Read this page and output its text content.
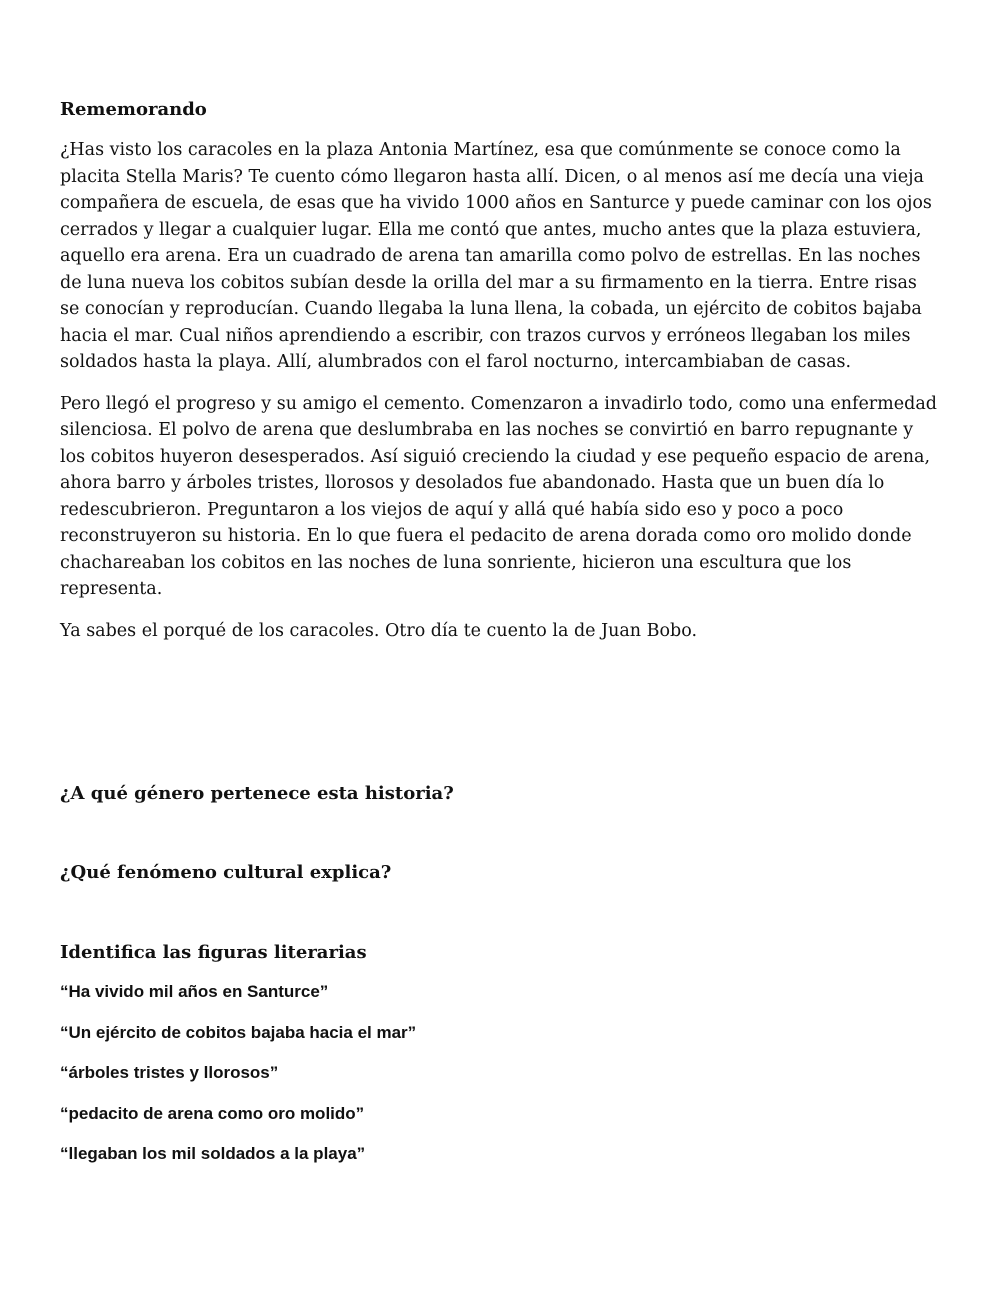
Rememorando

¿Has visto los caracoles en la plaza Antonia Martínez, esa que comúnmente se conoce como la placita Stella Maris? Te cuento cómo llegaron hasta allí. Dicen, o al menos así me decía una vieja compañera de escuela, de esas que ha vivido 1000 años en Santurce y puede caminar con los ojos cerrados y llegar a cualquier lugar. Ella me contó que antes, mucho antes que la plaza estuviera, aquello era arena. Era un cuadrado de arena tan amarilla como polvo de estrellas. En las noches de luna nueva los cobitos subían desde la orilla del mar a su firmamento en la tierra. Entre risas se conocían y reproducían. Cuando llegaba la luna llena, la cobada, un ejército de cobitos bajaba hacia el mar. Cual niños aprendiendo a escribir, con trazos curvos y erróneos llegaban los miles soldados hasta la playa. Allí, alumbrados con el farol nocturno, intercambiaban de casas.

Pero llegó el progreso y su amigo el cemento. Comenzaron a invadirlo todo, como una enfermedad silenciosa. El polvo de arena que deslumbraba en las noches se convirtió en barro repugnante y los cobitos huyeron desesperados. Así siguió creciendo la ciudad y ese pequeño espacio de arena, ahora barro y árboles tristes, llorosos y desolados fue abandonado. Hasta que un buen día lo redescubrieron. Preguntaron a los viejos de aquí y allá qué había sido eso y poco a poco reconstruyeron su historia. En lo que fuera el pedacito de arena dorada como oro molido donde chachareaban los cobitos en las noches de luna sonriente, hicieron una escultura que los representa.

Ya sabes el porqué de los caracoles. Otro día te cuento la de Juan Bobo.

¿A qué género pertenece esta historia?

¿Qué fenómeno cultural explica?

Identifica las figuras literarias

“Ha vivido mil años en Santurce”
“Un ejército de cobitos bajaba hacia el mar”
“árboles tristes y llorosos”
“pedacito de arena como oro molido”
“llegaban los mil soldados a la playa”
